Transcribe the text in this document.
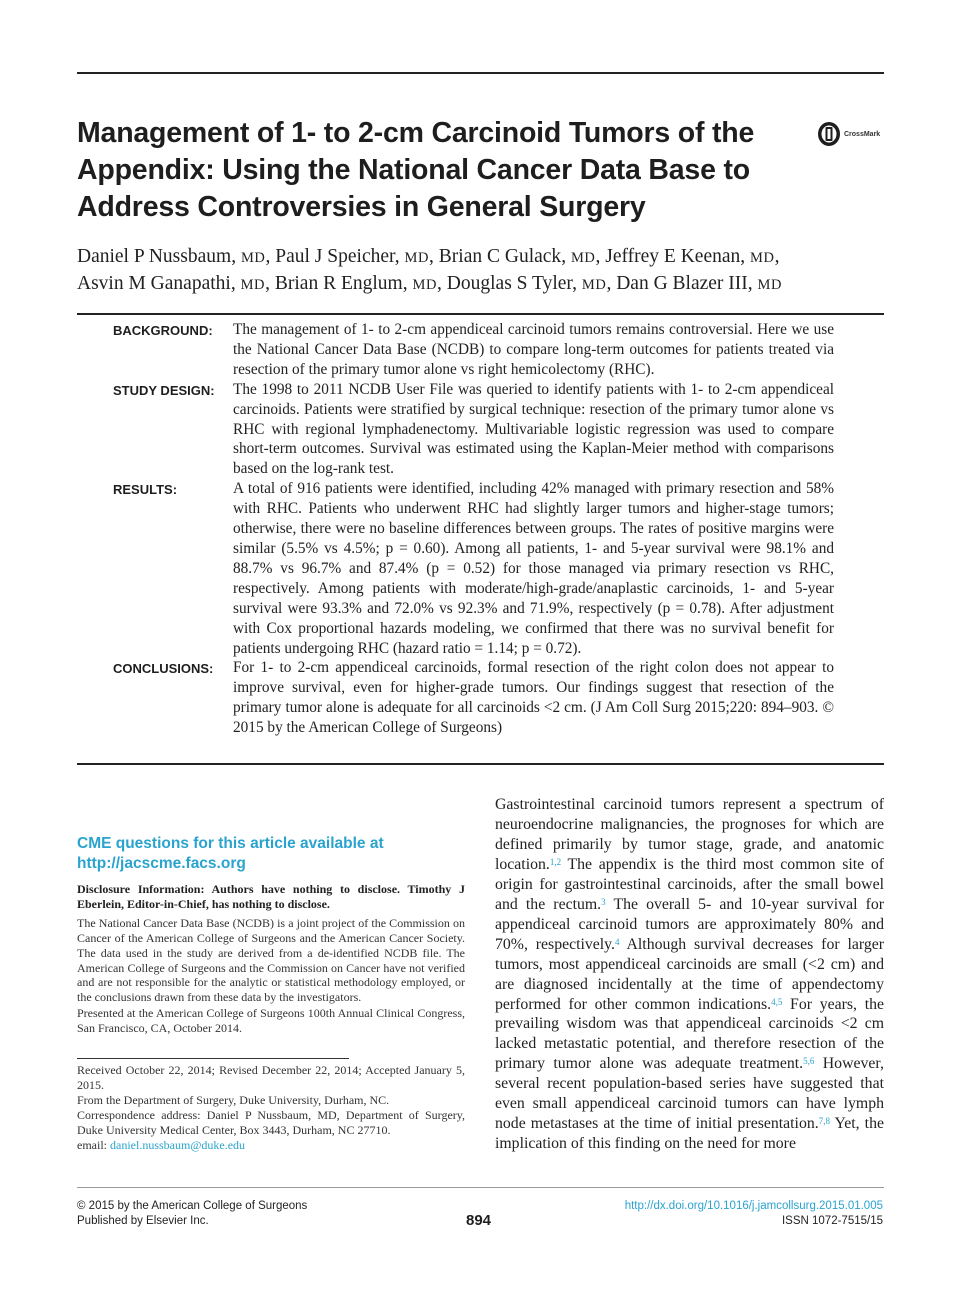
Management of 1- to 2-cm Carcinoid Tumors of the Appendix: Using the National Cancer Data Base to Address Controversies in General Surgery
CrossMark
Daniel P Nussbaum, MD, Paul J Speicher, MD, Brian C Gulack, MD, Jeffrey E Keenan, MD,
Asvin M Ganapathi, MD, Brian R Englum, MD, Douglas S Tyler, MD, Dan G Blazer III, MD
BACKGROUND:	The management of 1- to 2-cm appendiceal carcinoid tumors remains controversial. Here we use the National Cancer Data Base (NCDB) to compare long-term outcomes for patients treated via resection of the primary tumor alone vs right hemicolectomy (RHC).

STUDY DESIGN:	The 1998 to 2011 NCDB User File was queried to identify patients with 1- to 2-cm appendiceal carcinoids. Patients were stratified by surgical technique: resection of the primary tumor alone vs RHC with regional lymphadenectomy. Multivariable logistic regression was used to compare short-term outcomes. Survival was estimated using the Kaplan-Meier method with comparisons based on the log-rank test.

RESULTS:	A total of 916 patients were identified, including 42% managed with primary resection and 58% with RHC. Patients who underwent RHC had slightly larger tumors and higher-stage tumors; otherwise, there were no baseline differences between groups. The rates of positive margins were similar (5.5% vs 4.5%; p = 0.60). Among all patients, 1- and 5-year survival were 98.1% and 88.7% vs 96.7% and 87.4% (p = 0.52) for those managed via primary resection vs RHC, respectively. Among patients with moderate/high-grade/anaplastic carcinoids, 1- and 5-year survival were 93.3% and 72.0% vs 92.3% and 71.9%, respectively (p = 0.78). After adjustment with Cox proportional hazards modeling, we confirmed that there was no survival benefit for patients undergoing RHC (hazard ratio = 1.14; p = 0.72).

CONCLUSIONS:	For 1- to 2-cm appendiceal carcinoids, formal resection of the right colon does not appear to improve survival, even for higher-grade tumors. Our findings suggest that resection of the primary tumor alone is adequate for all carcinoids <2 cm. (J Am Coll Surg 2015;220: 894–903. © 2015 by the American College of Surgeons)

CME questions for this article available at
http://jacscme.facs.org

Disclosure Information: Authors have nothing to disclose. Timothy J Eberlein, Editor-in-Chief, has nothing to disclose.

The National Cancer Data Base (NCDB) is a joint project of the Commission on Cancer of the American College of Surgeons and the American Cancer Society. The data used in the study are derived from a de-identified NCDB file. The American College of Surgeons and the Commission on Cancer have not verified and are not responsible for the analytic or statistical methodology employed, or the conclusions drawn from these data by the investigators.

Presented at the American College of Surgeons 100th Annual Clinical Congress, San Francisco, CA, October 2014.

Received October 22, 2014; Revised December 22, 2014; Accepted January 5, 2015.

From the Department of Surgery, Duke University, Durham, NC.

Correspondence address: Daniel P Nussbaum, MD, Department of Surgery, Duke University Medical Center, Box 3443, Durham, NC 27710.

email: daniel.nussbaum@duke.edu

Gastrointestinal carcinoid tumors represent a spectrum of neuroendocrine malignancies, the prognoses for which are defined primarily by tumor stage, grade, and anatomic location.$^{1,2}$ The appendix is the third most common site of origin for gastrointestinal carcinoids, after the small bowel and the rectum.$^3$ The overall 5- and 10-year survival for appendiceal carcinoid tumors are approximately 80% and 70%, respectively.$^4$ Although survival decreases for larger tumors, most appendiceal carcinoids are small (<2 cm) and are diagnosed incidentally at the time of appendectomy performed for other common indications.$^{4,5}$ For years, the prevailing wisdom was that appendiceal carcinoids <2 cm lacked metastatic potential, and therefore resection of the primary tumor alone was adequate treatment.$^{5,6}$ However, several recent population-based series have suggested that even small appendiceal carcinoid tumors can have lymph node metastases at the time of initial presentation.$^{7,8}$ Yet, the implication of this finding on the need for more

© 2015 by the American College of Surgeons
Published by Elsevier Inc.	894
http://dx.doi.org/10.1016/j.jamcollsurg.2015.01.005
ISSN 1072-7515/15
